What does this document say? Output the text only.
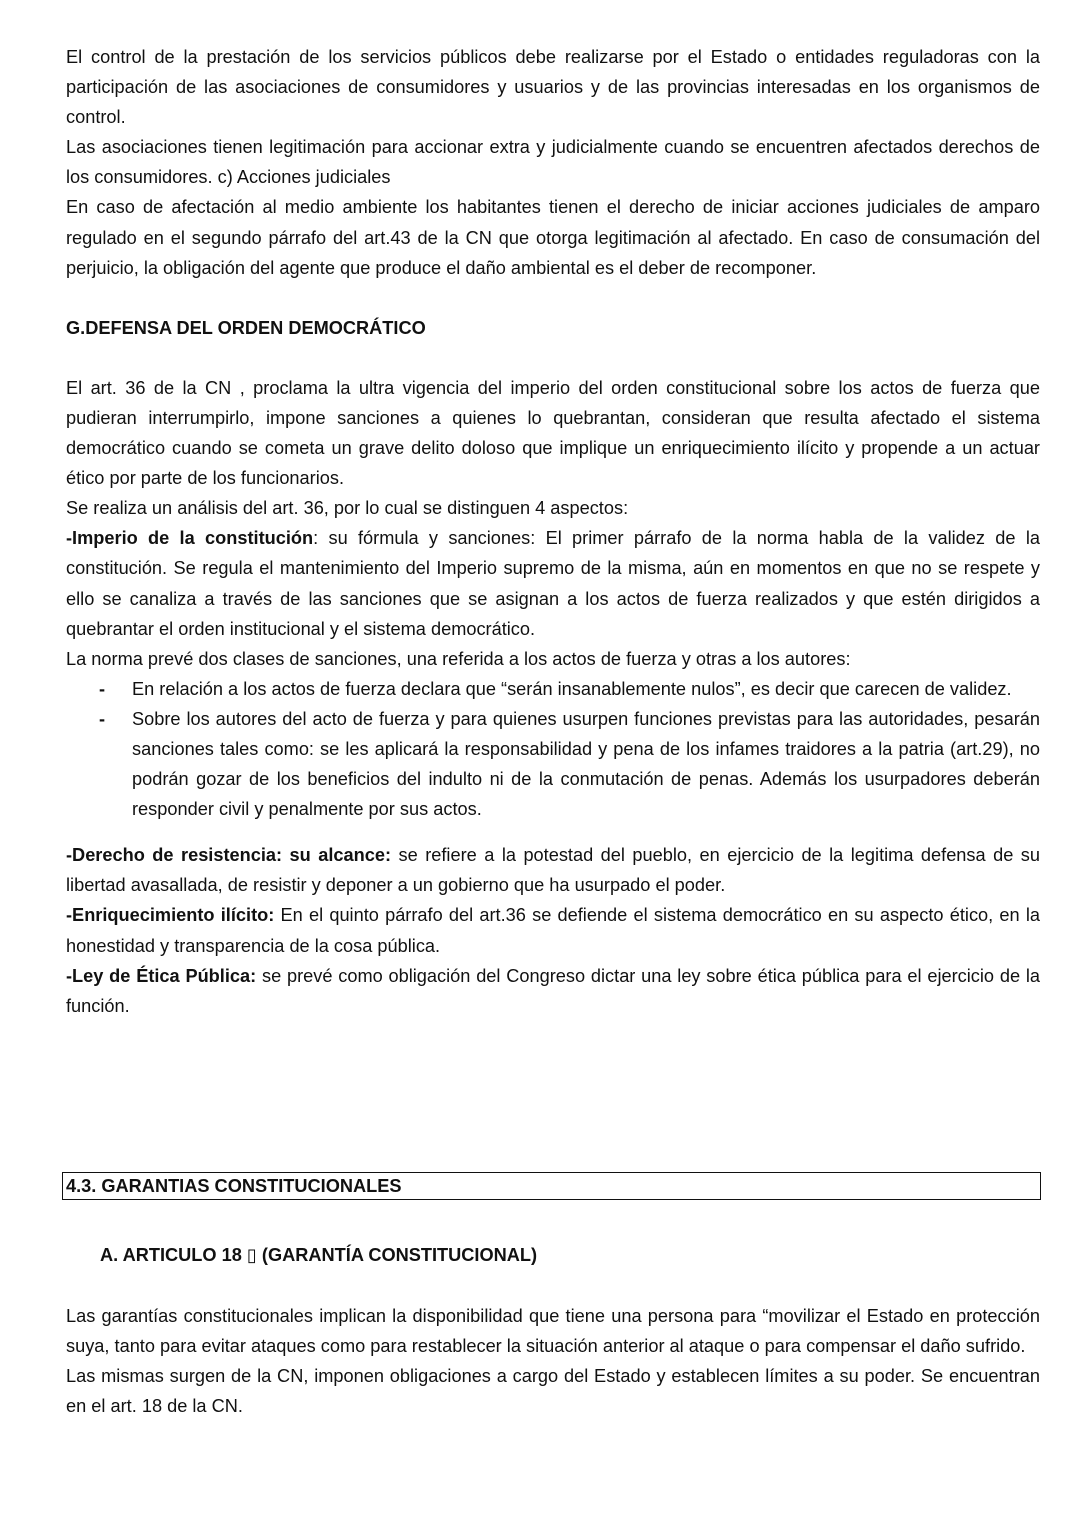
El control de la prestación de los servicios públicos debe realizarse por el Estado o entidades reguladoras con la participación de las asociaciones de consumidores y usuarios y de las provincias interesadas en los organismos de control.

Las asociaciones tienen legitimación para accionar extra y judicialmente cuando se encuentren afectados derechos de los consumidores. c) Acciones judiciales

En caso de afectación al medio ambiente los habitantes tienen el derecho de iniciar acciones judiciales de amparo regulado en el segundo párrafo del art.43 de la CN que otorga legitimación al afectado. En caso de consumación del perjuicio, la obligación del agente que produce el daño ambiental es el deber de recomponer.

G.DEFENSA DEL ORDEN DEMOCRÁTICO

El art. 36 de la CN , proclama la ultra vigencia del imperio del orden constitucional sobre los actos de fuerza que pudieran interrumpirlo, impone sanciones a quienes lo quebrantan, consideran que resulta afectado el sistema democrático cuando se cometa un grave delito doloso que implique un enriquecimiento ilícito y propende a un actuar ético por parte de los funcionarios.

Se realiza un análisis del art. 36, por lo cual se distinguen 4 aspectos:

-Imperio de la constitución: su fórmula y sanciones: El primer párrafo de la norma habla de la validez de la constitución. Se regula el mantenimiento del Imperio supremo de la misma, aún en momentos en que no se respete y ello se canaliza a través de las sanciones que se asignan a los actos de fuerza realizados y que estén dirigidos a quebrantar el orden institucional y el sistema democrático.

La norma prevé dos clases de sanciones, una referida a los actos de fuerza y otras a los autores:

- En relación a los actos de fuerza declara que “serán insanablemente nulos”, es decir que carecen de validez.
- Sobre los autores del acto de fuerza y para quienes usurpen funciones previstas para las autoridades, pesarán sanciones tales como: se les aplicará la responsabilidad y pena de los infames traidores a la patria (art.29), no podrán gozar de los beneficios del indulto ni de la conmutación de penas. Además los usurpadores deberán responder civil y penalmente por sus actos.

-Derecho de resistencia: su alcance: se refiere a la potestad del pueblo, en ejercicio de la legitima defensa de su libertad avasallada, de resistir y deponer a un gobierno que ha usurpado el poder.

-Enriquecimiento ilícito: En el quinto párrafo del art.36 se defiende el sistema democrático en su aspecto ético, en la honestidad y transparencia de la cosa pública.

-Ley de Ética Pública: se prevé como obligación del Congreso dictar una ley sobre ética pública para el ejercicio de la función.

4.3. GARANTIAS CONSTITUCIONALES
A. ARTICULO 18 ▯ (GARANTÍA CONSTITUCIONAL)

Las garantías constitucionales implican la disponibilidad que tiene una persona para “movilizar el Estado en protección suya, tanto para evitar ataques como para restablecer la situación anterior al ataque o para compensar el daño sufrido.

Las mismas surgen de la CN, imponen obligaciones a cargo del Estado y establecen límites a su poder. Se encuentran en el art. 18 de la CN.
